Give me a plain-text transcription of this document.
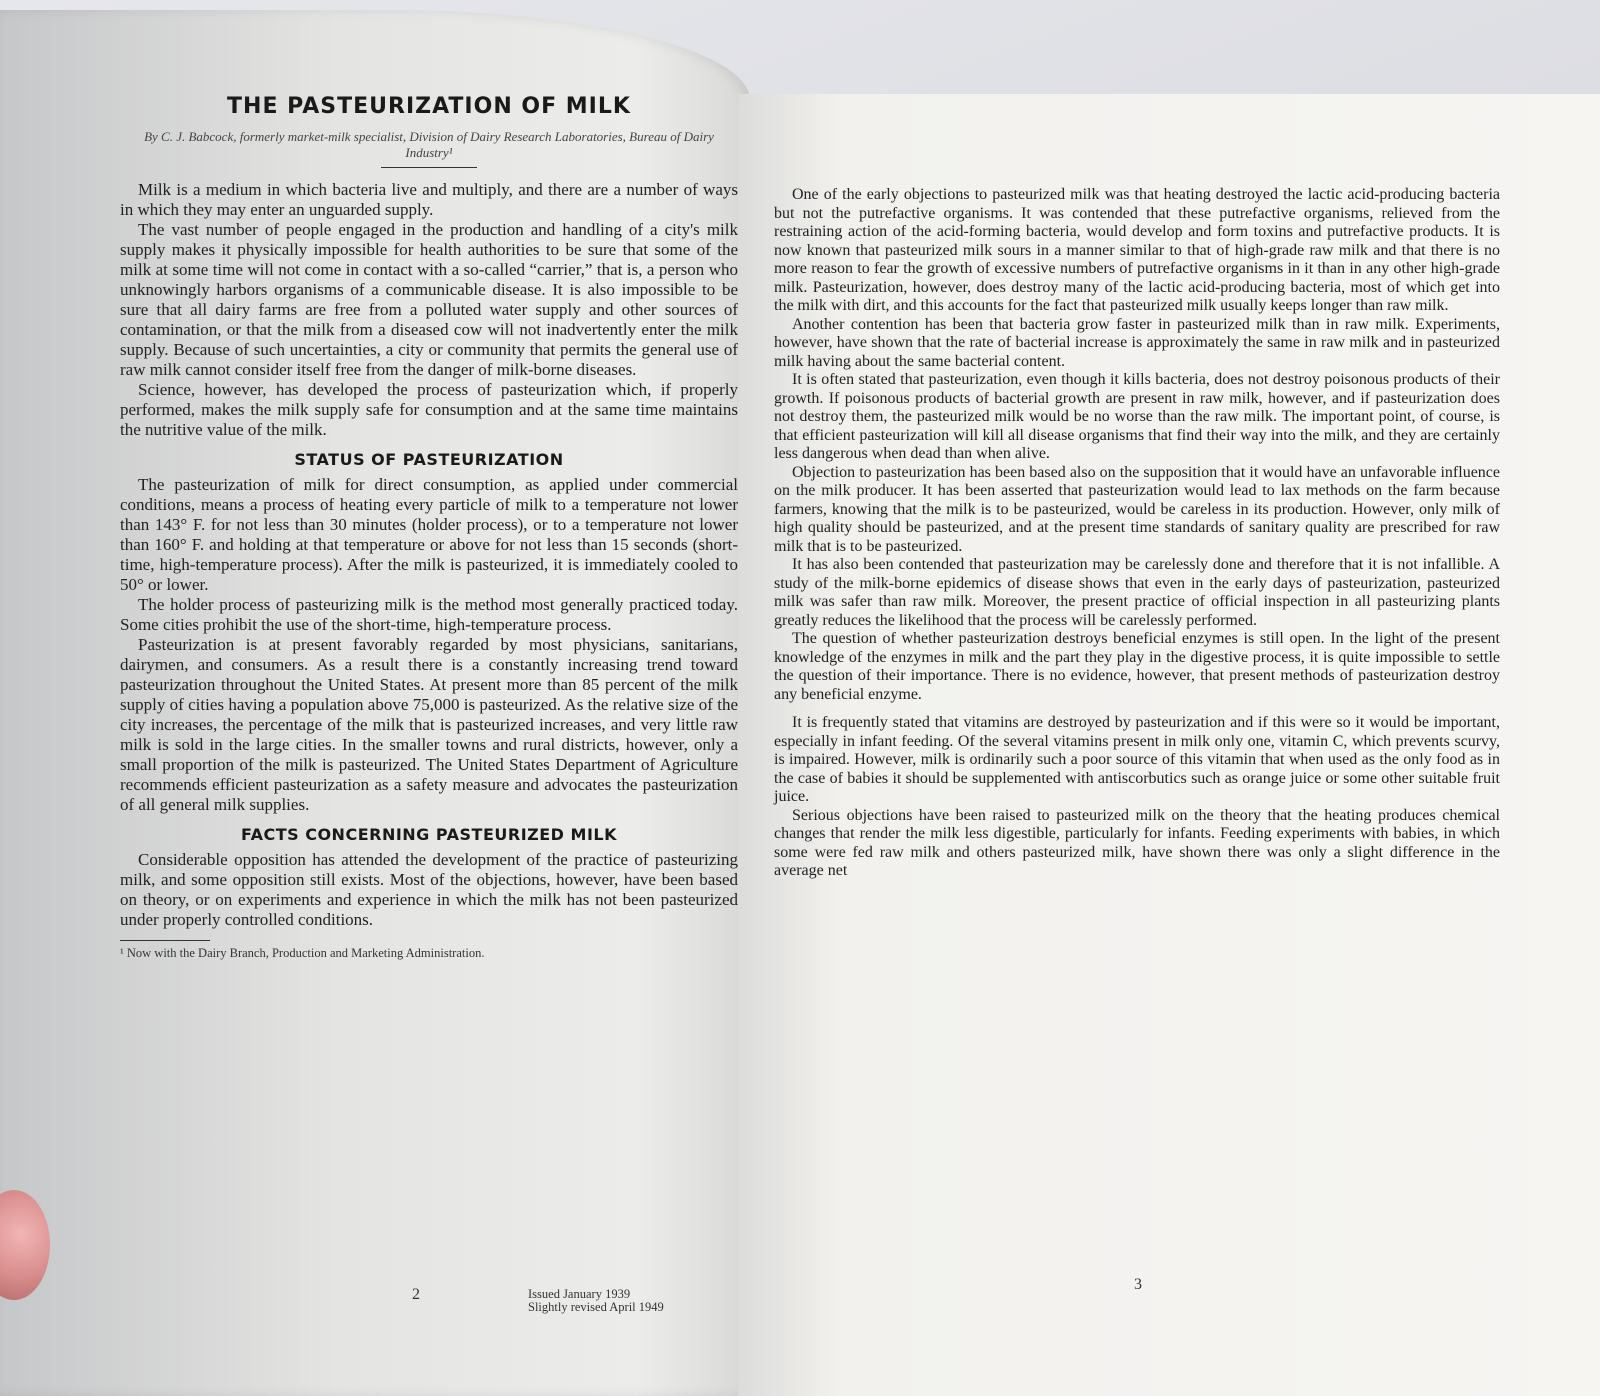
THE PASTEURIZATION OF MILK
By C. J. Babcock, formerly market-milk specialist, Division of Dairy Research Laboratories, Bureau of Dairy Industry¹

Milk is a medium in which bacteria live and multiply, and there are a number of ways in which they may enter an unguarded supply.

The vast number of people engaged in the production and handling of a city's milk supply makes it physically impossible for health authorities to be sure that some of the milk at some time will not come in contact with a so-called “carrier,” that is, a person who unknowingly harbors organisms of a communicable disease. It is also impossible to be sure that all dairy farms are free from a polluted water supply and other sources of contamination, or that the milk from a diseased cow will not inadvertently enter the milk supply. Because of such uncertainties, a city or community that permits the general use of raw milk cannot consider itself free from the danger of milk-borne diseases.

Science, however, has developed the process of pasteurization which, if properly performed, makes the milk supply safe for consumption and at the same time maintains the nutritive value of the milk.

STATUS OF PASTEURIZATION

The pasteurization of milk for direct consumption, as applied under commercial conditions, means a process of heating every particle of milk to a temperature not lower than 143° F. for not less than 30 minutes (holder process), or to a temperature not lower than 160° F. and holding at that temperature or above for not less than 15 seconds (short-time, high-temperature process). After the milk is pasteurized, it is immediately cooled to 50° or lower.

The holder process of pasteurizing milk is the method most generally practiced today. Some cities prohibit the use of the short-time, high-temperature process.

Pasteurization is at present favorably regarded by most physicians, sanitarians, dairymen, and consumers. As a result there is a constantly increasing trend toward pasteurization throughout the United States. At present more than 85 percent of the milk supply of cities having a population above 75,000 is pasteurized. As the relative size of the city increases, the percentage of the milk that is pasteurized increases, and very little raw milk is sold in the large cities. In the smaller towns and rural districts, however, only a small proportion of the milk is pasteurized. The United States Department of Agriculture recommends efficient pasteurization as a safety measure and advocates the pasteurization of all general milk supplies.

FACTS CONCERNING PASTEURIZED MILK

Considerable opposition has attended the development of the practice of pasteurizing milk, and some opposition still exists. Most of the objections, however, have been based on theory, or on experiments and experience in which the milk has not been pasteurized under properly controlled conditions.

¹ Now with the Dairy Branch, Production and Marketing Administration.
2	Issued January 1939
Slightly revised April 1949

One of the early objections to pasteurized milk was that heating destroyed the lactic acid-producing bacteria but not the putrefactive organisms. It was contended that these putrefactive organisms, relieved from the restraining action of the acid-forming bacteria, would develop and form toxins and putrefactive products. It is now known that pasteurized milk sours in a manner similar to that of high-grade raw milk and that there is no more reason to fear the growth of excessive numbers of putrefactive organisms in it than in any other high-grade milk. Pasteurization, however, does destroy many of the lactic acid-producing bacteria, most of which get into the milk with dirt, and this accounts for the fact that pasteurized milk usually keeps longer than raw milk.

Another contention has been that bacteria grow faster in pasteurized milk than in raw milk. Experiments, however, have shown that the rate of bacterial increase is approximately the same in raw milk and in pasteurized milk having about the same bacterial content.

It is often stated that pasteurization, even though it kills bacteria, does not destroy poisonous products of their growth. If poisonous products of bacterial growth are present in raw milk, however, and if pasteurization does not destroy them, the pasteurized milk would be no worse than the raw milk. The important point, of course, is that efficient pasteurization will kill all disease organisms that find their way into the milk, and they are certainly less dangerous when dead than when alive.

Objection to pasteurization has been based also on the supposition that it would have an unfavorable influence on the milk producer. It has been asserted that pasteurization would lead to lax methods on the farm because farmers, knowing that the milk is to be pasteurized, would be careless in its production. However, only milk of high quality should be pasteurized, and at the present time standards of sanitary quality are prescribed for raw milk that is to be pasteurized.

It has also been contended that pasteurization may be carelessly done and therefore that it is not infallible. A study of the milk-borne epidemics of disease shows that even in the early days of pasteurization, pasteurized milk was safer than raw milk. Moreover, the present practice of official inspection in all pasteurizing plants greatly reduces the likelihood that the process will be carelessly performed.

The question of whether pasteurization destroys beneficial enzymes is still open. In the light of the present knowledge of the enzymes in milk and the part they play in the digestive process, it is quite impossible to settle the question of their importance. There is no evidence, however, that present methods of pasteurization destroy any beneficial enzyme.

It is frequently stated that vitamins are destroyed by pasteurization and if this were so it would be important, especially in infant feeding. Of the several vitamins present in milk only one, vitamin C, which prevents scurvy, is impaired. However, milk is ordinarily such a poor source of this vitamin that when used as the only food as in the case of babies it should be supplemented with antiscorbutics such as orange juice or some other suitable fruit juice.

Serious objections have been raised to pasteurized milk on the theory that the heating produces chemical changes that render the milk less digestible, particularly for infants. Feeding experiments with babies, in which some were fed raw milk and others pasteurized milk, have shown there was only a slight difference in the average net

3
